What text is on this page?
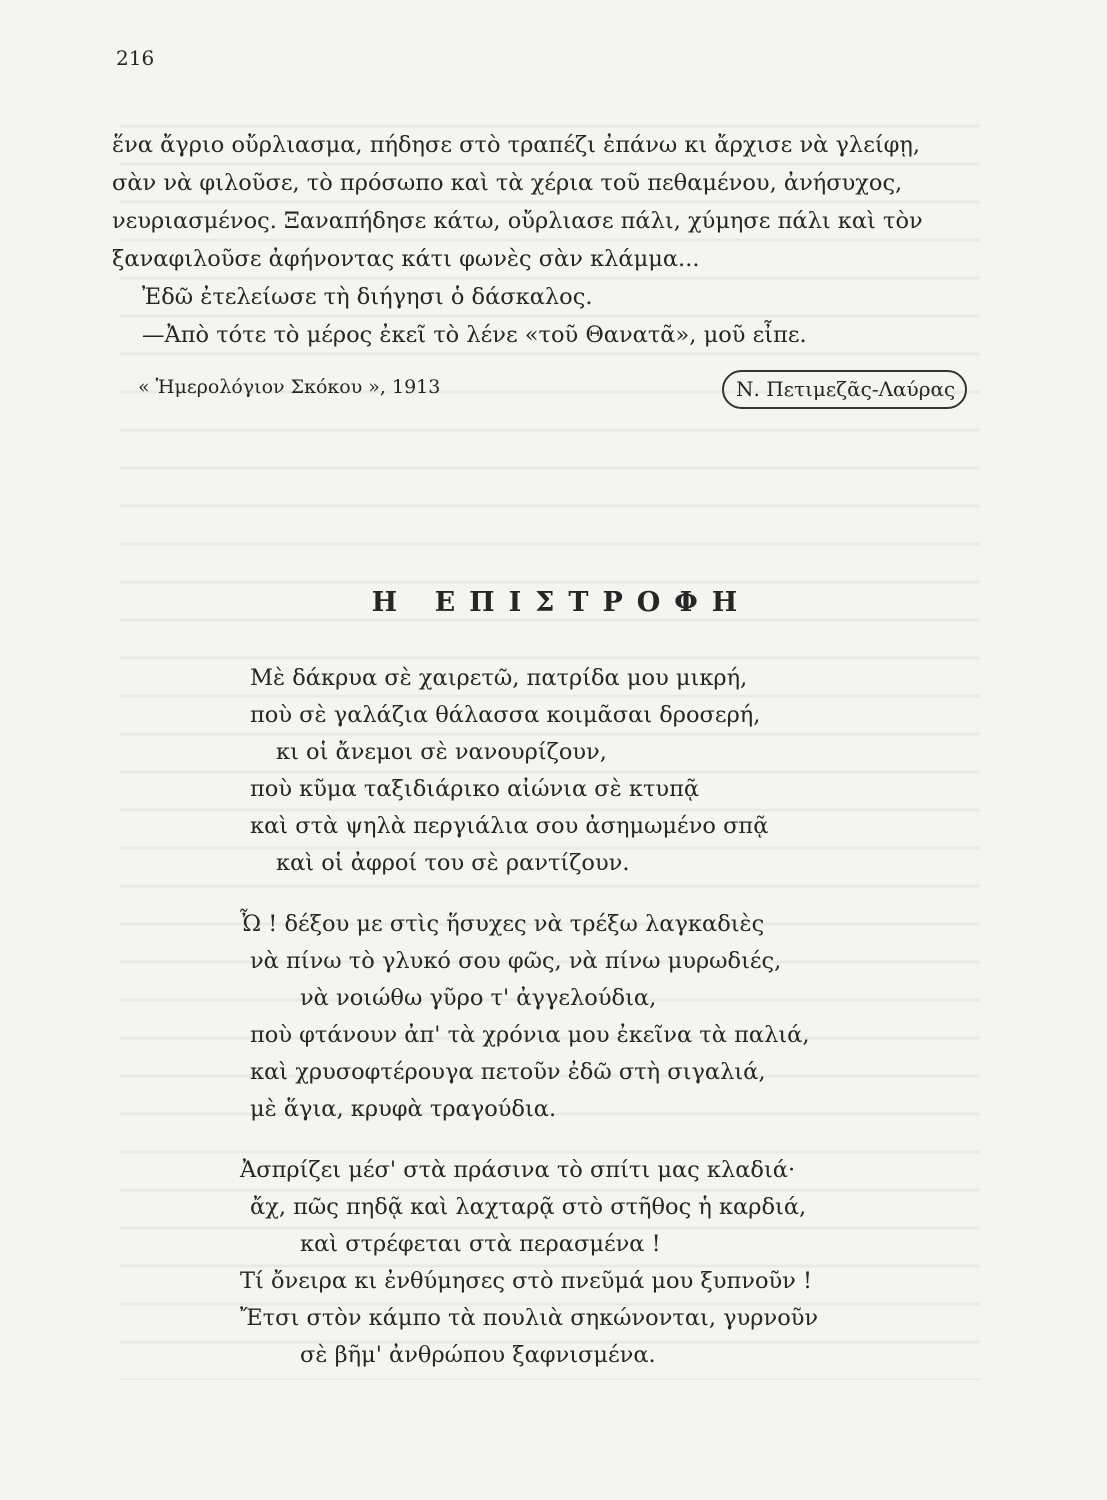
216
ἕνα ἄγριο οὔρλιασμα, πήδησε στὸ τραπέζι ἐπάνω κι ἄρχισε νὰ γλείφῃ,
σὰν νὰ φιλοῦσε, τὸ πρόσωπο καὶ τὰ χέρια τοῦ πεθαμένου, ἀνήσυχος,
νευριασμένος. Ξαναπήδησε κάτω, οὔρλιασε πάλι, χύμησε πάλι καὶ τὸν
ξαναφιλοῦσε ἀφήνοντας κάτι φωνὲς σὰν κλάμμα...
Ἐδῶ ἐτελείωσε τὴ διήγησι ὁ δάσκαλος.
—Ἀπὸ τότε τὸ μέρος ἐκεῖ τὸ λένε «τοῦ Θανατᾶ», μοῦ εἶπε.
« Ἡμερολόγιον Σκόκου », 1913	Ν. Πετιμεζᾶς-Λαύρας
Η ΕΠΙΣΤΡΟΦΗ
Μὲ δάκρυα σὲ χαιρετῶ, πατρίδα μου μικρή,
ποὺ σὲ γαλάζια θάλασσα κοιμᾶσαι δροσερή,
κι οἱ ἄνεμοι σὲ νανουρίζουν,
ποὺ κῦμα ταξιδιάρικο αἰώνια σὲ κτυπᾷ
καὶ στὰ ψηλὰ περγιάλια σου ἀσημωμένο σπᾷ
καὶ οἱ ἀφροί του σὲ ραντίζουν.
Ὦ ! δέξου με στὶς ἥσυχες νὰ τρέξω λαγκαδιὲς
νὰ πίνω τὸ γλυκό σου φῶς, νὰ πίνω μυρωδιές,
νὰ νοιώθω γῦρο τ' ἀγγελούδια,
ποὺ φτάνουν ἀπ' τὰ χρόνια μου ἐκεῖνα τὰ παλιά,
καὶ χρυσοφτέρουγα πετοῦν ἐδῶ στὴ σιγαλιά,
μὲ ἅγια, κρυφὰ τραγούδια.
Ἀσπρίζει μέσ' στὰ πράσινα τὸ σπίτι μας κλαδιά·
ἄχ, πῶς πηδᾷ καὶ λαχταρᾷ στὸ στῆθος ἡ καρδιά,
καὶ στρέφεται στὰ περασμένα !
Τί ὄνειρα κι ἐνθύμησες στὸ πνεῦμά μου ξυπνοῦν !
Ἔτσι στὸν κάμπο τὰ πουλιὰ σηκώνονται, γυρνοῦν
σὲ βῆμ' ἀνθρώπου ξαφνισμένα.
